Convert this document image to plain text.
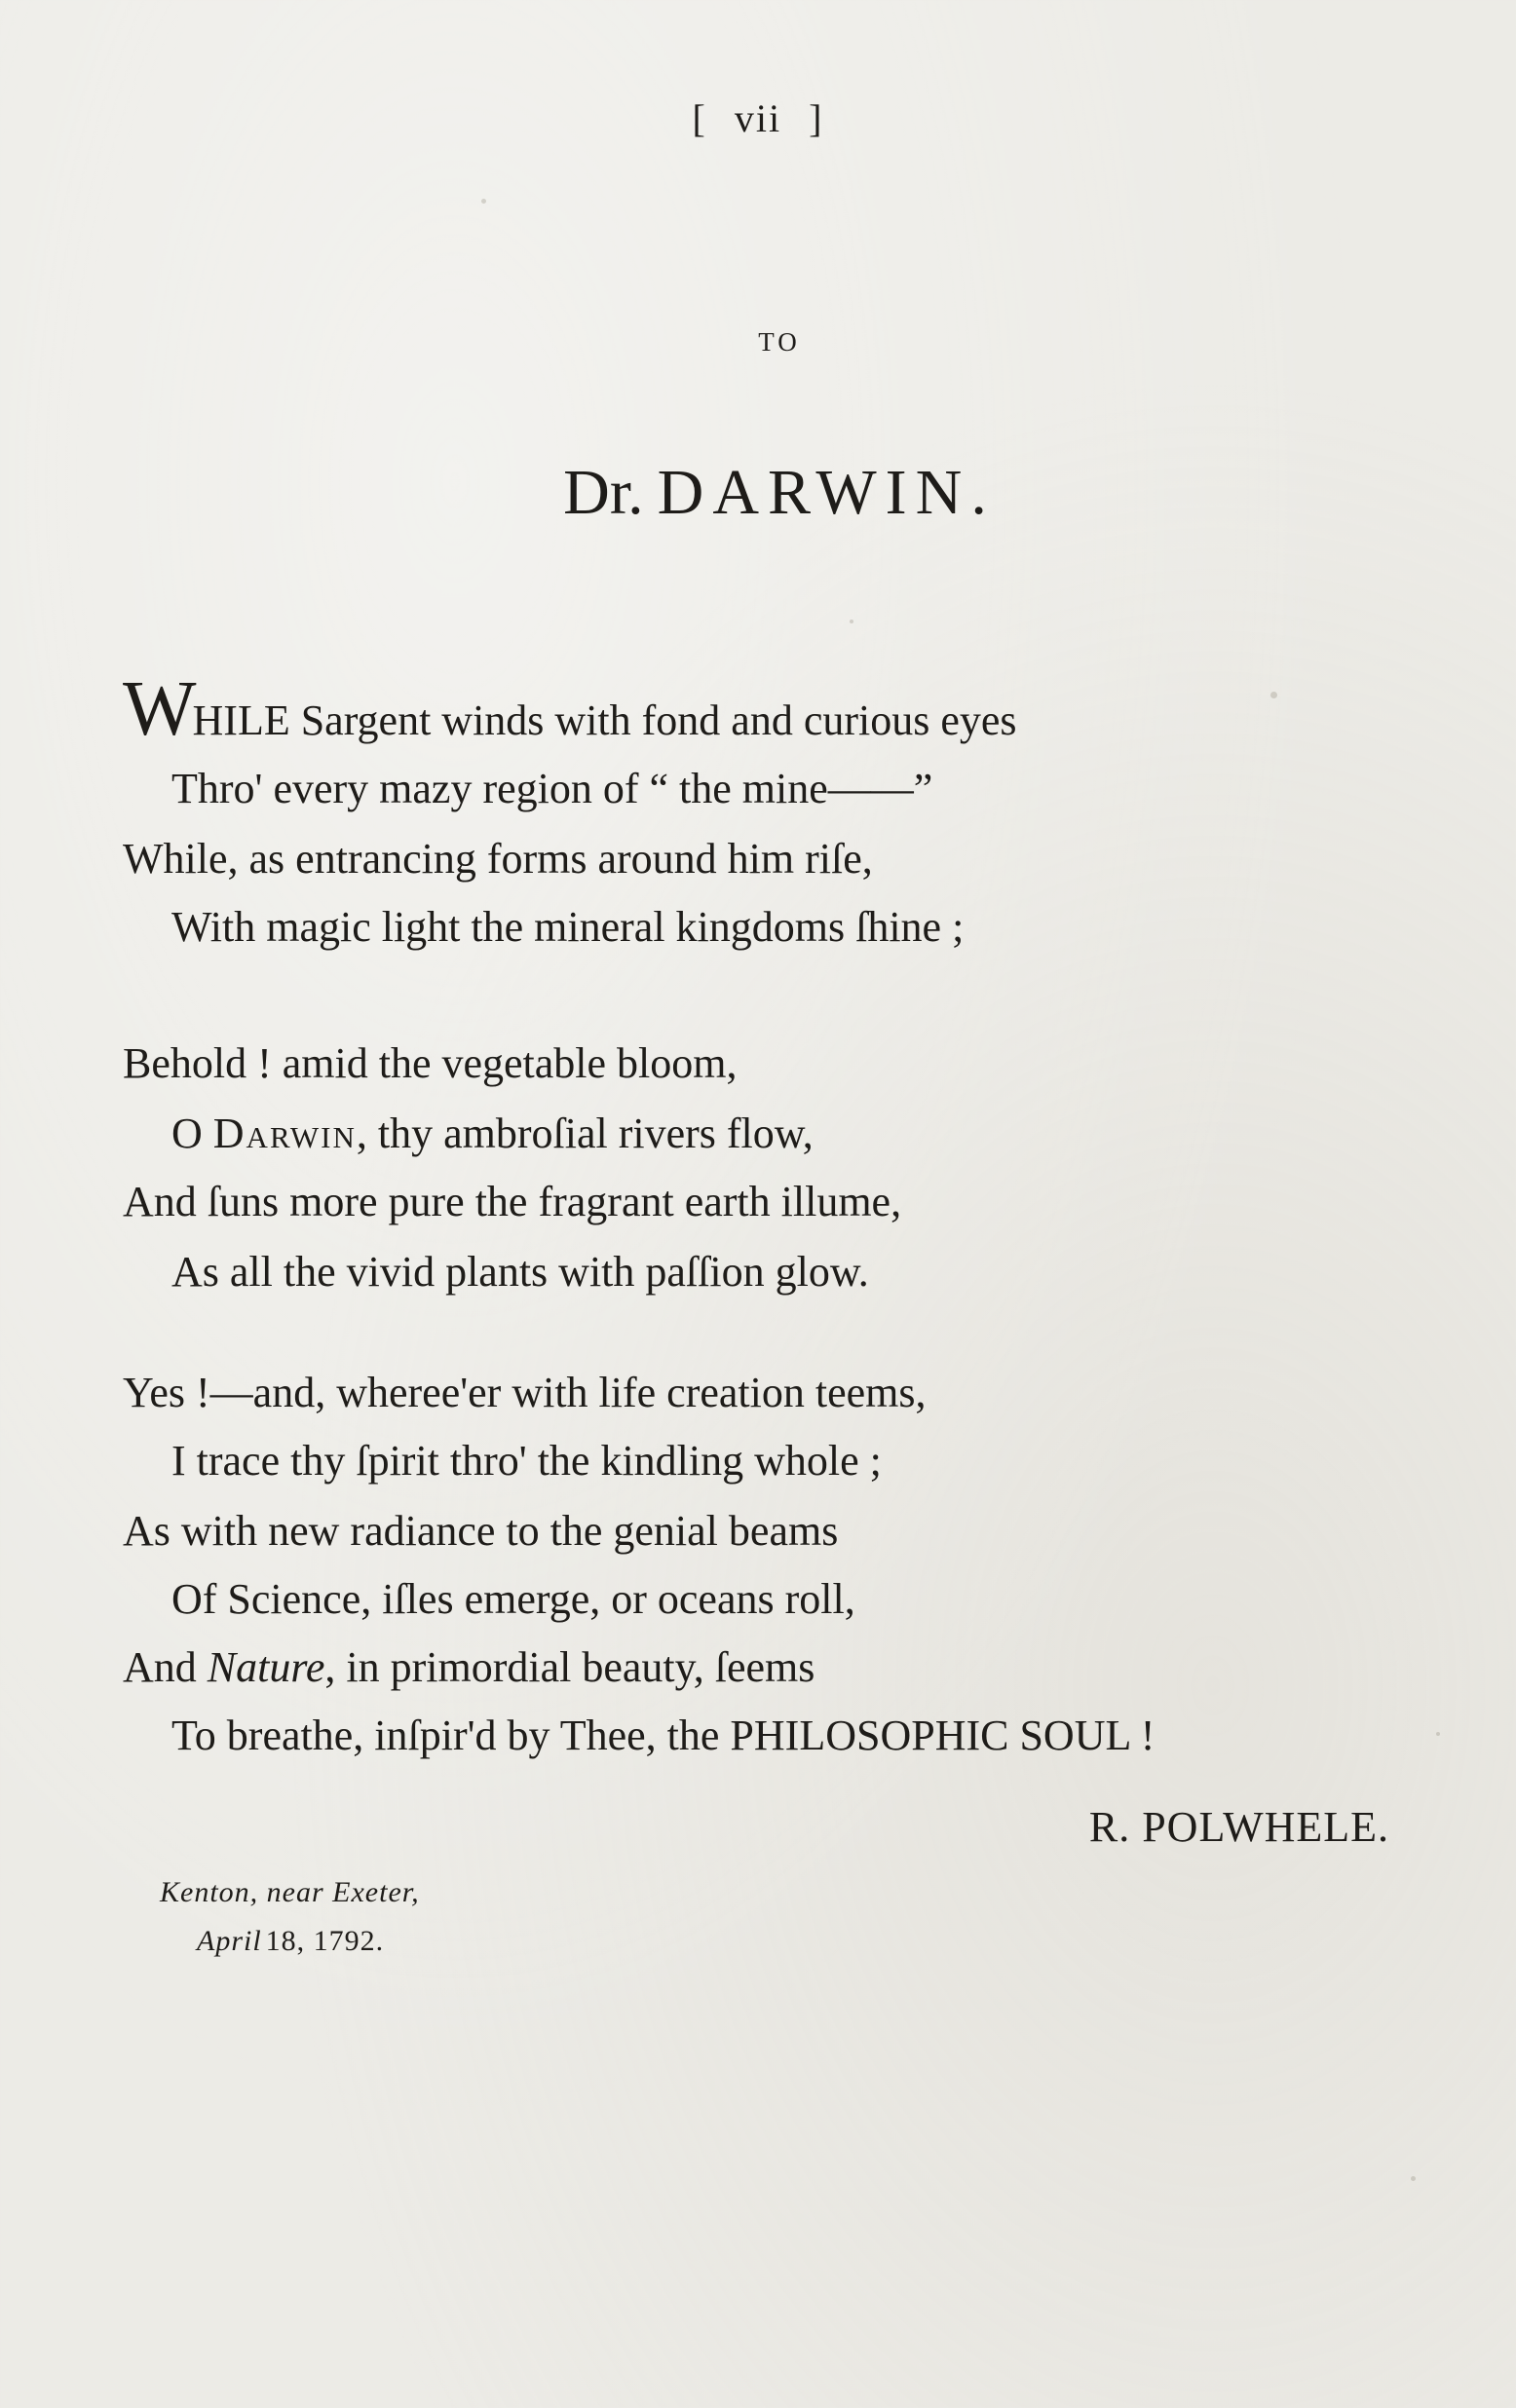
[ vii ]
TO
Dr. DARWIN.
WHILE Sargent winds with fond and curious eyes
Thro' every mazy region of “ the mine——”
While, as entrancing forms around him riſe,
With magic light the mineral kingdoms ſhine ;
Behold ! amid the vegetable bloom,
O Darwin, thy ambroſial rivers flow,
And ſuns more pure the fragrant earth illume,
As all the vivid plants with paſſion glow.
Yes !—and, wheree'er with life creation teems,
I trace thy ſpirit thro' the kindling whole ;
As with new radiance to the genial beams
Of Science, iſles emerge, or oceans roll,
And Nature, in primordial beauty, ſeems
To breathe, inſpir'd by Thee, the PHILOSOPHIC SOUL !
R. POLWHELE.
Kenton, near Exeter,
April 18, 1792.
